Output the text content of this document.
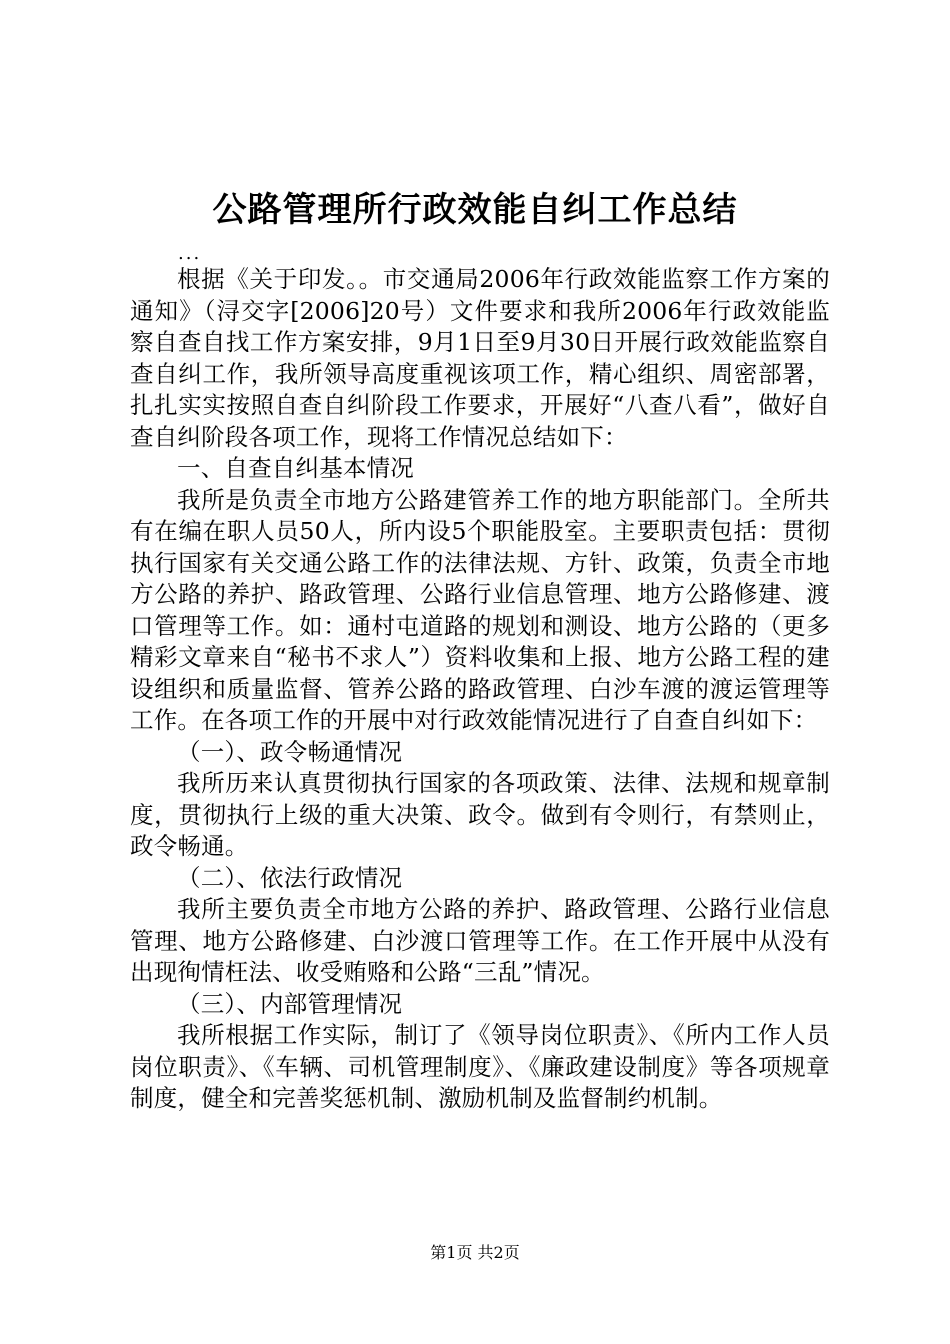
公路管理所行政效能自纠工作总结
...

根据《关于印发。。市交通局2006年行政效能监察工作方案的通知》（浔交字[2006]20号）文件要求和我所2006年行政效能监察自查自找工作方案安排，9月1日至9月30日开展行政效能监察自查自纠工作，我所领导高度重视该项工作，精心组织、周密部署，扎扎实实按照自查自纠阶段工作要求，开展好“八查八看”，做好自查自纠阶段各项工作，现将工作情况总结如下：

一、自查自纠基本情况

我所是负责全市地方公路建管养工作的地方职能部门。全所共有在编在职人员50人，所内设5个职能股室。主要职责包括：贯彻执行国家有关交通公路工作的法律法规、方针、政策，负责全市地方公路的养护、路政管理、公路行业信息管理、地方公路修建、渡口管理等工作。如：通村屯道路的规划和测设、地方公路的（更多精彩文章来自“秘书不求人”）资料收集和上报、地方公路工程的建设组织和质量监督、管养公路的路政管理、白沙车渡的渡运管理等工作。在各项工作的开展中对行政效能情况进行了自查自纠如下：

（一）、政令畅通情况

我所历来认真贯彻执行国家的各项政策、法律、法规和规章制度，贯彻执行上级的重大决策、政令。做到有令则行，有禁则止，政令畅通。

（二）、依法行政情况

我所主要负责全市地方公路的养护、路政管理、公路行业信息管理、地方公路修建、白沙渡口管理等工作。在工作开展中从没有出现徇情枉法、收受贿赂和公路“三乱”情况。

（三）、内部管理情况

我所根据工作实际，制订了《领导岗位职责》、《所内工作人员岗位职责》、《车辆、司机管理制度》、《廉政建设制度》等各项规章制度，健全和完善奖惩机制、激励机制及监督制约机制。

第1页 共2页
